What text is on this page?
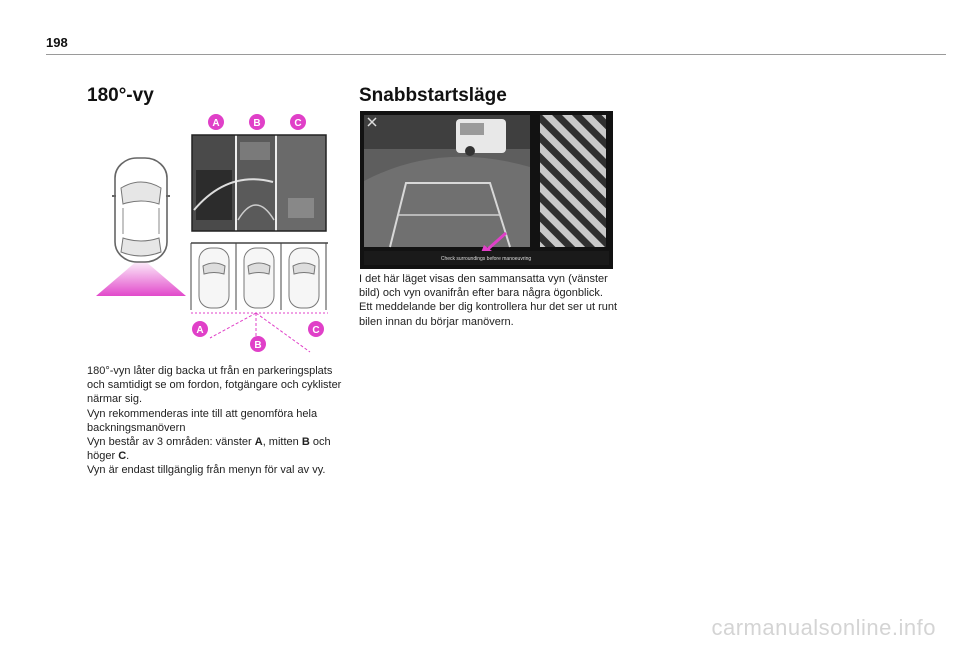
198
180°-vy
A	B	C
A
B
C

180°-vyn låter dig backa ut från en parkeringsplats och samtidigt se om fordon, fotgängare och cyklister närmar sig.

Vyn rekommenderas inte till att genomföra hela backningsmanövern

Vyn består av 3 områden: vänster A, mitten B och höger C.

Vyn är endast tillgänglig från menyn för val av vy.

Snabbstartsläge
Check surroundings before manoeuvring

I det här läget visas den sammansatta vyn (vänster bild) och vyn ovanifrån efter bara några ögonblick.

Ett meddelande ber dig kontrollera hur det ser ut runt bilen innan du börjar manövern.

carmanualsonline.info
